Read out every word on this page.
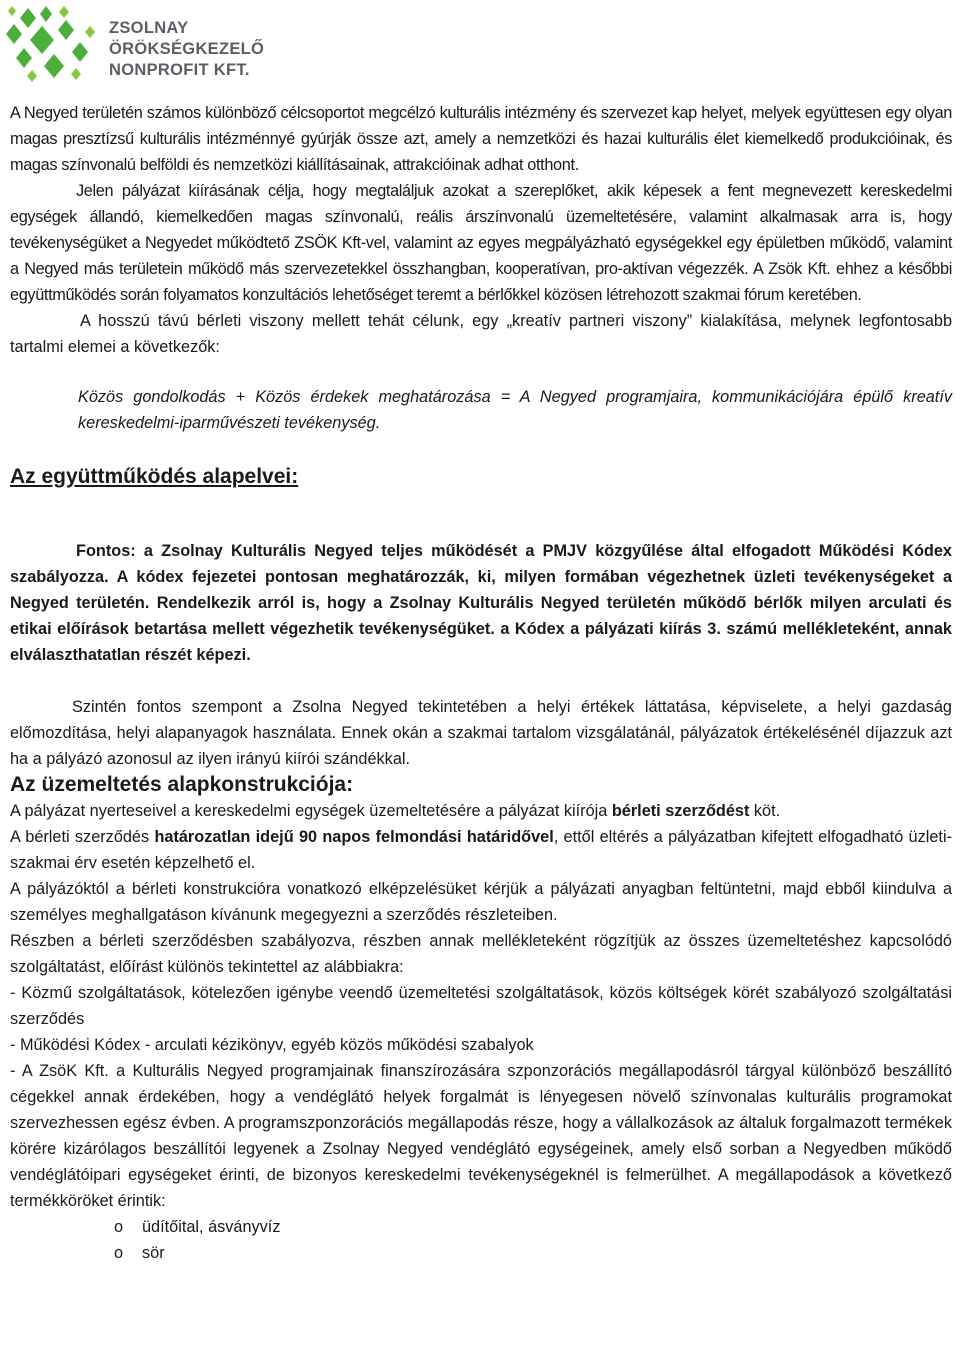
ZSOLNAY
ÖRÖKSÉGKEZELŐ
NONPROFIT KFT.

A Negyed területén számos különböző célcsoportot megcélzó kulturális intézmény és szervezet kap helyet, melyek együttesen egy olyan magas presztízsű kulturális intézménnyé gyúrják össze azt, amely a nemzetközi és hazai kulturális élet kiemelkedő produkcióinak, és magas színvonalú belföldi és nemzetközi kiállításainak, attrakcióinak adhat otthont.

Jelen pályázat kiírásának célja, hogy megtaláljuk azokat a szereplőket, akik képesek a fent megnevezett kereskedelmi egységek állandó, kiemelkedően magas színvonalú, reális árszínvonalú üzemeltetésére, valamint alkalmasak arra is, hogy tevékenységüket a Negyedet működtető ZSÖK Kft-vel, valamint az egyes megpályázható egységekkel egy épületben működő, valamint a Negyed más területein működő más szervezetekkel összhangban, kooperatívan, pro-aktívan végezzék. A Zsök Kft. ehhez a későbbi együttműködés során folyamatos konzultációs lehetőséget teremt a bérlőkkel közösen létrehozott szakmai fórum keretében.

A hosszú távú bérleti viszony mellett tehát célunk, egy „kreatív partneri viszony” kialakítása, melynek legfontosabb tartalmi elemei a következők:

Közös gondolkodás + Közös érdekek meghatározása = A Negyed programjaira, kommunikációjára épülő kreatív kereskedelmi-iparművészeti tevékenység.

Az együttműködés alapelvei:

Fontos: a Zsolnay Kulturális Negyed teljes működését a PMJV közgyűlése által elfogadott Működési Kódex szabályozza. A kódex fejezetei pontosan meghatározzák, ki, milyen formában végezhetnek üzleti tevékenységeket a Negyed területén. Rendelkezik arról is, hogy a Zsolnay Kulturális Negyed területén működő bérlők milyen arculati és etikai előírások betartása mellett végezhetik tevékenységüket. a Kódex a pályázati kiírás 3. számú mellékleteként, annak elválaszthatatlan részét képezi.

Szintén fontos szempont a Zsolna Negyed tekintetében a helyi értékek láttatása, képviselete, a helyi gazdaság előmozdítása, helyi alapanyagok használata. Ennek okán a szakmai tartalom vizsgálatánál, pályázatok értékelésénél díjazzuk azt ha a pályázó azonosul az ilyen irányú kiírói szándékkal.

Az üzemeltetés alapkonstrukciója:

A pályázat nyerteseivel a kereskedelmi egységek üzemeltetésére a pályázat kiírója bérleti szerződést köt.

A bérleti szerződés határozatlan idejű 90 napos felmondási határidővel, ettől eltérés a pályázatban kifejtett elfogadható üzleti-szakmai érv esetén képzelhető el.

A pályázóktól a bérleti konstrukcióra vonatkozó elképzelésüket kérjük a pályázati anyagban feltüntetni, majd ebből kiindulva a személyes meghallgatáson kívánunk megegyezni a szerződés részleteiben.

Részben a bérleti szerződésben szabályozva, részben annak mellékleteként rögzítjük az összes üzemeltetéshez kapcsolódó szolgáltatást, előírást különös tekintettel az alábbiakra:

- Közmű szolgáltatások, kötelezően igénybe veendő üzemeltetési szolgáltatások, közös költségek körét szabályozó szolgáltatási szerződés

- Működési Kódex - arculati kézikönyv, egyéb közös működési szabalyok

- A ZsöK Kft. a Kulturális Negyed programjainak finanszírozására szponzorációs megállapodásról tárgyal különböző beszállító cégekkel annak érdekében, hogy a vendéglátó helyek forgalmát is lényegesen növelő színvonalas kulturális programokat szervezhessen egész évben. A programszponzorációs megállapodás része, hogy a vállalkozások az általuk forgalmazott termékek körére kizárólagos beszállítói legyenek a Zsolnay Negyed vendéglátó egységeinek, amely első sorban a Negyedben működő vendéglátóipari egységeket érinti, de bizonyos kereskedelmi tevékenységeknél is felmerülhet. A megállapodások a következő termékköröket érintik:

o üdítőital, ásványvíz
o sör
